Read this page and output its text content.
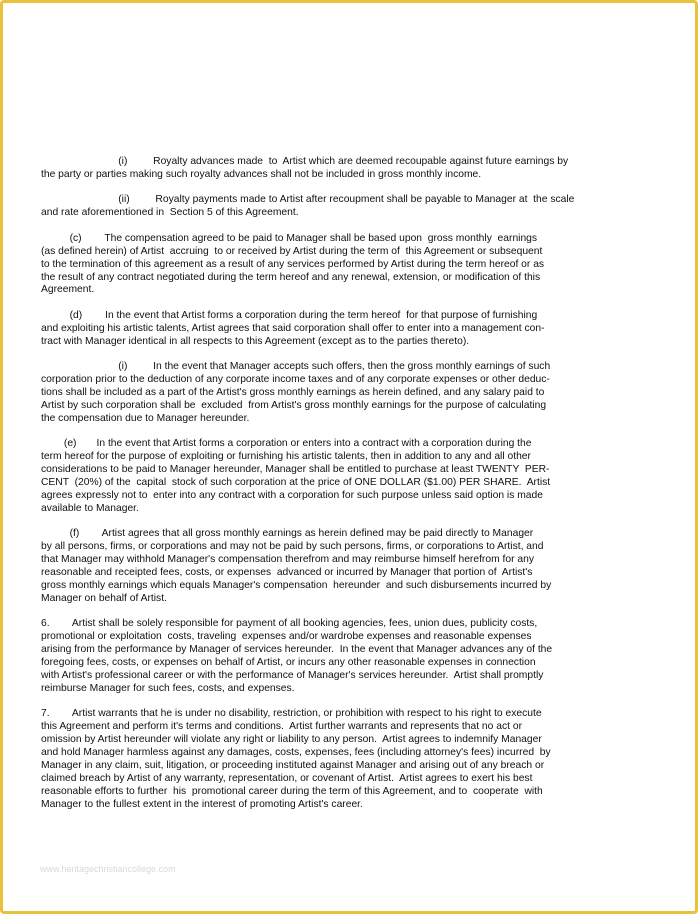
(i)         Royalty advances made  to  Artist which are deemed recoupable against future earnings by
the party or parties making such royalty advances shall not be included in gross monthly income.

(ii)         Royalty payments made to Artist after recoupment shall be payable to Manager at  the scale
and rate aforementioned in  Section 5 of this Agreement.

(c)        The compensation agreed to be paid to Manager shall be based upon  gross monthly  earnings
(as defined herein) of Artist  accruing  to or received by Artist during the term of  this Agreement or subsequent
to the termination of this agreement as a result of any services performed by Artist during the term hereof or as
the result of any contract negotiated during the term hereof and any renewal, extension, or modification of this
Agreement.

(d)        In the event that Artist forms a corporation during the term hereof  for that purpose of furnishing
and exploiting his artistic talents, Artist agrees that said corporation shall offer to enter into a management con-
tract with Manager identical in all respects to this Agreement (except as to the parties thereto).

(i)         In the event that Manager accepts such offers, then the gross monthly earnings of such
corporation prior to the deduction of any corporate income taxes and of any corporate expenses or other deduc-
tions shall be included as a part of the Artist's gross monthly earnings as herein defined, and any salary paid to
Artist by such corporation shall be  excluded  from Artist's gross monthly earnings for the purpose of calculating
the compensation due to Manager hereunder.

(e)       In the event that Artist forms a corporation or enters into a contract with a corporation during the
term hereof for the purpose of exploiting or furnishing his artistic talents, then in addition to any and all other
considerations to be paid to Manager hereunder, Manager shall be entitled to purchase at least TWENTY  PER-
CENT  (20%) of the  capital  stock of such corporation at the price of ONE DOLLAR ($1.00) PER SHARE.  Artist
agrees expressly not to  enter into any contract with a corporation for such purpose unless said option is made
available to Manager.

(f)        Artist agrees that all gross monthly earnings as herein defined may be paid directly to Manager
by all persons, firms, or corporations and may not be paid by such persons, firms, or corporations to Artist, and
that Manager may withhold Manager's compensation therefrom and may reimburse himself herefrom for any
reasonable and receipted fees, costs, or expenses  advanced or incurred by Manager that portion of  Artist's
gross monthly earnings which equals Manager's compensation  hereunder  and such disbursements incurred by
Manager on behalf of Artist.

6.        Artist shall be solely responsible for payment of all booking agencies, fees, union dues, publicity costs,
promotional or exploitation  costs, traveling  expenses and/or wardrobe expenses and reasonable expenses
arising from the performance by Manager of services hereunder.  In the event that Manager advances any of the
foregoing fees, costs, or expenses on behalf of Artist, or incurs any other reasonable expenses in connection
with Artist's professional career or with the performance of Manager's services hereunder.  Artist shall promptly
reimburse Manager for such fees, costs, and expenses.

7.        Artist warrants that he is under no disability, restriction, or prohibition with respect to his right to execute
this Agreement and perform it's terms and conditions.  Artist further warrants and represents that no act or
omission by Artist hereunder will violate any right or liability to any person.  Artist agrees to indemnify Manager
and hold Manager harmless against any damages, costs, expenses, fees (including attorney's fees) incurred  by
Manager in any claim, suit, litigation, or proceeding instituted against Manager and arising out of any breach or
claimed breach by Artist of any warranty, representation, or covenant of Artist.  Artist agrees to exert his best
reasonable efforts to further  his  promotional career during the term of this Agreement, and to  cooperate  with
Manager to the fullest extent in the interest of promoting Artist's career.

www.heritagechristiancollege.com
